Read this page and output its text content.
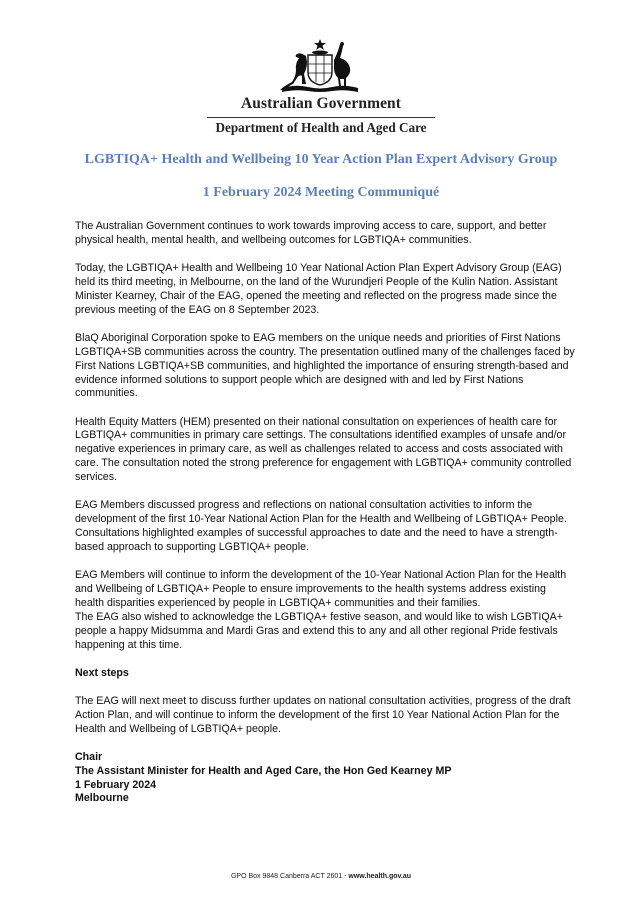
Australian Government
Department of Health and Aged Care
LGBTIQA+ Health and Wellbeing 10 Year Action Plan Expert Advisory Group
1 February 2024 Meeting Communiqué

The Australian Government continues to work towards improving access to care, support, and better physical health, mental health, and wellbeing outcomes for LGBTIQA+ communities.

Today, the LGBTIQA+ Health and Wellbeing 10 Year National Action Plan Expert Advisory Group (EAG) held its third meeting, in Melbourne, on the land of the Wurundjeri People of the Kulin Nation. Assistant Minister Kearney, Chair of the EAG, opened the meeting and reflected on the progress made since the previous meeting of the EAG on 8 September 2023.

BlaQ Aboriginal Corporation spoke to EAG members on the unique needs and priorities of First Nations LGBTIQA+SB communities across the country. The presentation outlined many of the challenges faced by First Nations LGBTIQA+SB communities, and highlighted the importance of ensuring strength-based and evidence informed solutions to support people which are designed with and led by First Nations communities.

Health Equity Matters (HEM) presented on their national consultation on experiences of health care for LGBTIQA+ communities in primary care settings. The consultations identified examples of unsafe and/or negative experiences in primary care, as well as challenges related to access and costs associated with care. The consultation noted the strong preference for engagement with LGBTIQA+ community controlled services.

EAG Members discussed progress and reflections on national consultation activities to inform the development of the first 10-Year National Action Plan for the Health and Wellbeing of LGBTIQA+ People. Consultations highlighted examples of successful approaches to date and the need to have a strength-based approach to supporting LGBTIQA+ people.

EAG Members will continue to inform the development of the 10-Year National Action Plan for the Health and Wellbeing of LGBTIQA+ People to ensure improvements to the health systems address existing health disparities experienced by people in LGBTIQA+ communities and their families.
The EAG also wished to acknowledge the LGBTIQA+ festive season, and would like to wish LGBTIQA+ people a happy Midsumma and Mardi Gras and extend this to any and all other regional Pride festivals happening at this time.

Next steps

The EAG will next meet to discuss further updates on national consultation activities, progress of the draft Action Plan, and will continue to inform the development of the first 10 Year National Action Plan for the Health and Wellbeing of LGBTIQA+ people.

Chair

The Assistant Minister for Health and Aged Care, the Hon Ged Kearney MP

1 February 2024

Melbourne

GPO Box 9848 Canberra ACT 2601 - www.health.gov.au
